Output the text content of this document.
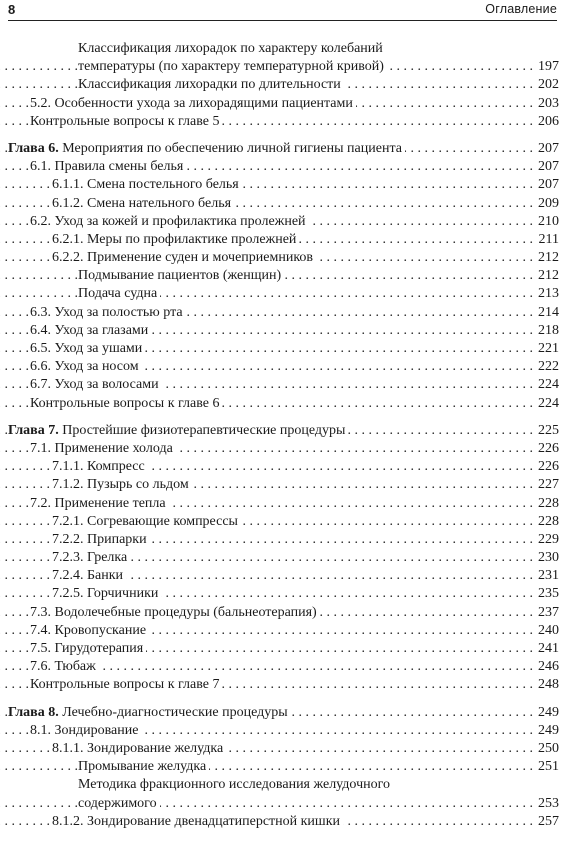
8	Оглавление
Классификация лихорадок по характеру колебаний
. . .
температуры (по характеру температурной кривой)	197
. . .
Классификация лихорадки по длительности	202
. . .
5.2. Особенности ухода за лихорадящими пациентами	203
. . .
Контрольные вопросы к главе 5	206
. . .
Глава 6. Мероприятия по обеспечению личной гигиены пациента	207
. . .
6.1. Правила смены белья	207
. . .
6.1.1. Смена постельного белья	207
. . .
6.1.2. Смена нательного белья	209
. . .
6.2. Уход за кожей и профилактика пролежней	210
. . .
6.2.1. Меры по профилактике пролежней	211
. . .
6.2.2. Применение суден и мочеприемников	212
. . .
Подмывание пациентов (женщин)	212
. . .
Подача судна	213
. . .
6.3. Уход за полостью рта	214
. . .
6.4. Уход за глазами	218
. . .
6.5. Уход за ушами	221
. . .
6.6. Уход за носом	222
. . .
6.7. Уход за волосами	224
. . .
Контрольные вопросы к главе 6	224
. . .
Глава 7. Простейшие физиотерапевтические процедуры	225
. . .
7.1. Применение холода	226
. . .
7.1.1. Компресс	226
. . .
7.1.2. Пузырь со льдом	227
. . .
7.2. Применение тепла	228
. . .
7.2.1. Согревающие компрессы	228
. . .
7.2.2. Припарки	229
. . .
7.2.3. Грелка	230
. . .
7.2.4. Банки	231
. . .
7.2.5. Горчичники	235
. . .
7.3. Водолечебные процедуры (бальнеотерапия)	237
. . .
7.4. Кровопускание	240
. . .
7.5. Гирудотерапия	241
. . .
7.6. Тюбаж	246
. . .
Контрольные вопросы к главе 7	248
. . .
Глава 8. Лечебно-диагностические процедуры	249
. . .
8.1. Зондирование	249
. . .
8.1.1. Зондирование желудка	250
. . .
Промывание желудка	251
Методика фракционного исследования желудочного
. . .
содержимого	253
. . .
8.1.2. Зондирование двенадцатиперстной кишки	257
